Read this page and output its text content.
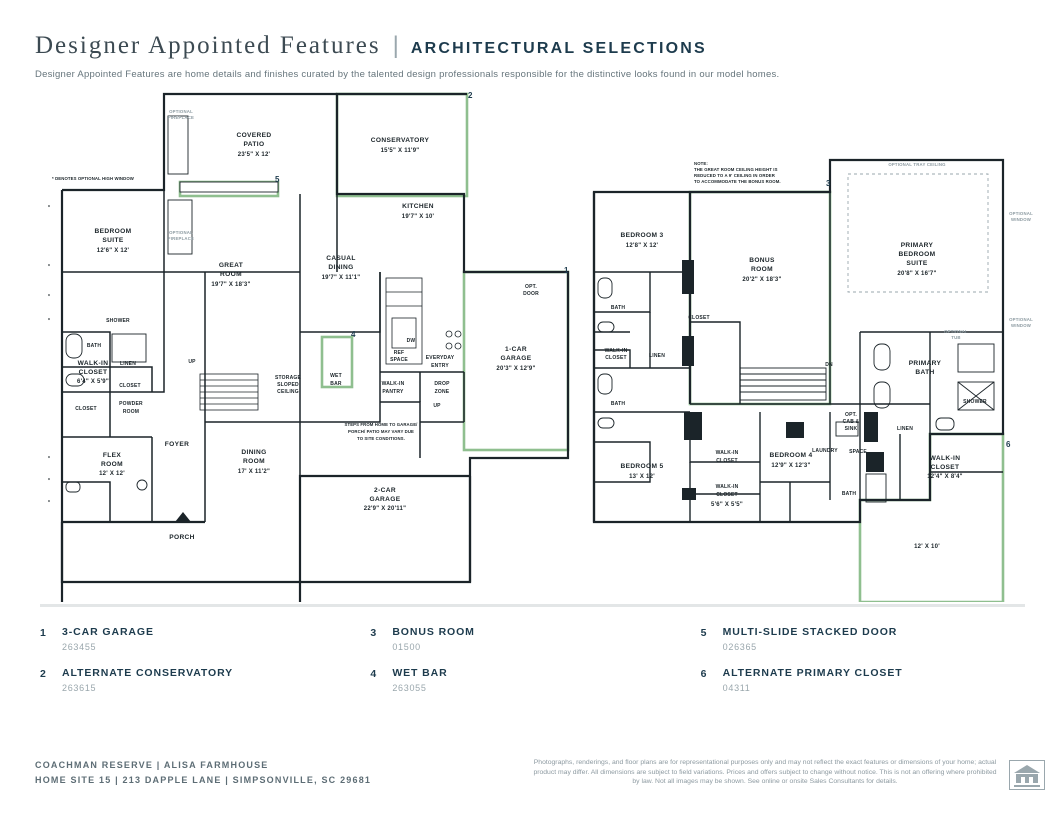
Designer Appointed Features | ARCHITECTURAL SELECTIONS
Designer Appointed Features are home details and finishes curated by the talented design professionals responsible for the distinctive looks found in our model homes.
*
*
*
*
*
*
*
* DENOTES OPTIONAL HIGH WINDOW
COVERED
PATIO
23'5" X 12'
CONSERVATORY
15'5" X 11'9"
KITCHEN
19'7" X 10'
BEDROOM
SUITE
12'6" X 12'
GREAT
ROOM
19'7" X 18'3"
CASUAL
DINING
19'7" X 11'1"
1-CAR
GARAGE
20'3" X 12'9"
WALK-IN
CLOSET
6'4" X 5'9"
DINING
ROOM
17' X 11'2"
FLEX
ROOM
12' X 12'
2-CAR
GARAGE
22'9" X 20'11"
PORCH
FOYER
SHOWER
BATH
LINEN
CLOSET
POWDER
ROOM
CLOSET
OPTIONAL
FIREPLACE
OPTIONAL
FIREPLACE
STORAGE
SLOPED
CEILING
UP
WET
BAR	WALK-IN
PANTRY
REF
SPACE	EVERYDAY
ENTRY
DROP
ZONE
UP
DW
OPT.
DOOR
STEPS FROM HOME TO GARAGE/
PORCH/ PATIO MAY VARY DUE
TO SITE CONDITIONS.
2
1
5
4
BEDROOM 3
12'8" X 12'
BONUS
ROOM
20'2" X 18'3"
PRIMARY
BEDROOM
SUITE
20'8" X 16'7"
BEDROOM 5
13' X 12'
BEDROOM 4
12'9" X 12'3"
PRIMARY
BATH
WALK-IN
CLOSET
12'4" X 8'4"
WALK-IN
CLOSET
5'6" X 5'5"
WALK-IN
CLOSET
BATH
BATH
WALK-IN
CLOSET	LINEN
LINEN
CLOSET
LAUNDRY
OPT.
CAB &
SINK
SPACE
BATH
SHOWER
DN
12' X 10'
OPTIONAL TRAY CEILING
OPTIONAL
WINDOW
OPTIONAL
WINDOW
OPTIONAL
TUB
NOTE:
THE GREAT ROOM CEILING HEIGHT IS
REDUCED TO A 9' CEILING IN ORDER
TO ACCOMMODATE THE BONUS ROOM.	3
6
1	3-CAR GARAGE
263455
3	BONUS ROOM
01500
5	MULTI-SLIDE STACKED DOOR
026365
2	ALTERNATE CONSERVATORY
263615
4	WET BAR
263055
6	ALTERNATE PRIMARY CLOSET
04311
COACHMAN RESERVE | ALISA FARMHOUSE
HOME SITE 15 | 213 DAPPLE LANE | SIMPSONVILLE, SC 29681
Photographs, renderings, and floor plans are for representational purposes only and may not reflect the exact features or dimensions of your home; actual product may differ. All dimensions are subject to field variations. Prices and offers subject to change without notice. This is not an offering where prohibited by law. Not all images may be shown. See online or onsite Sales Consultants for details.
